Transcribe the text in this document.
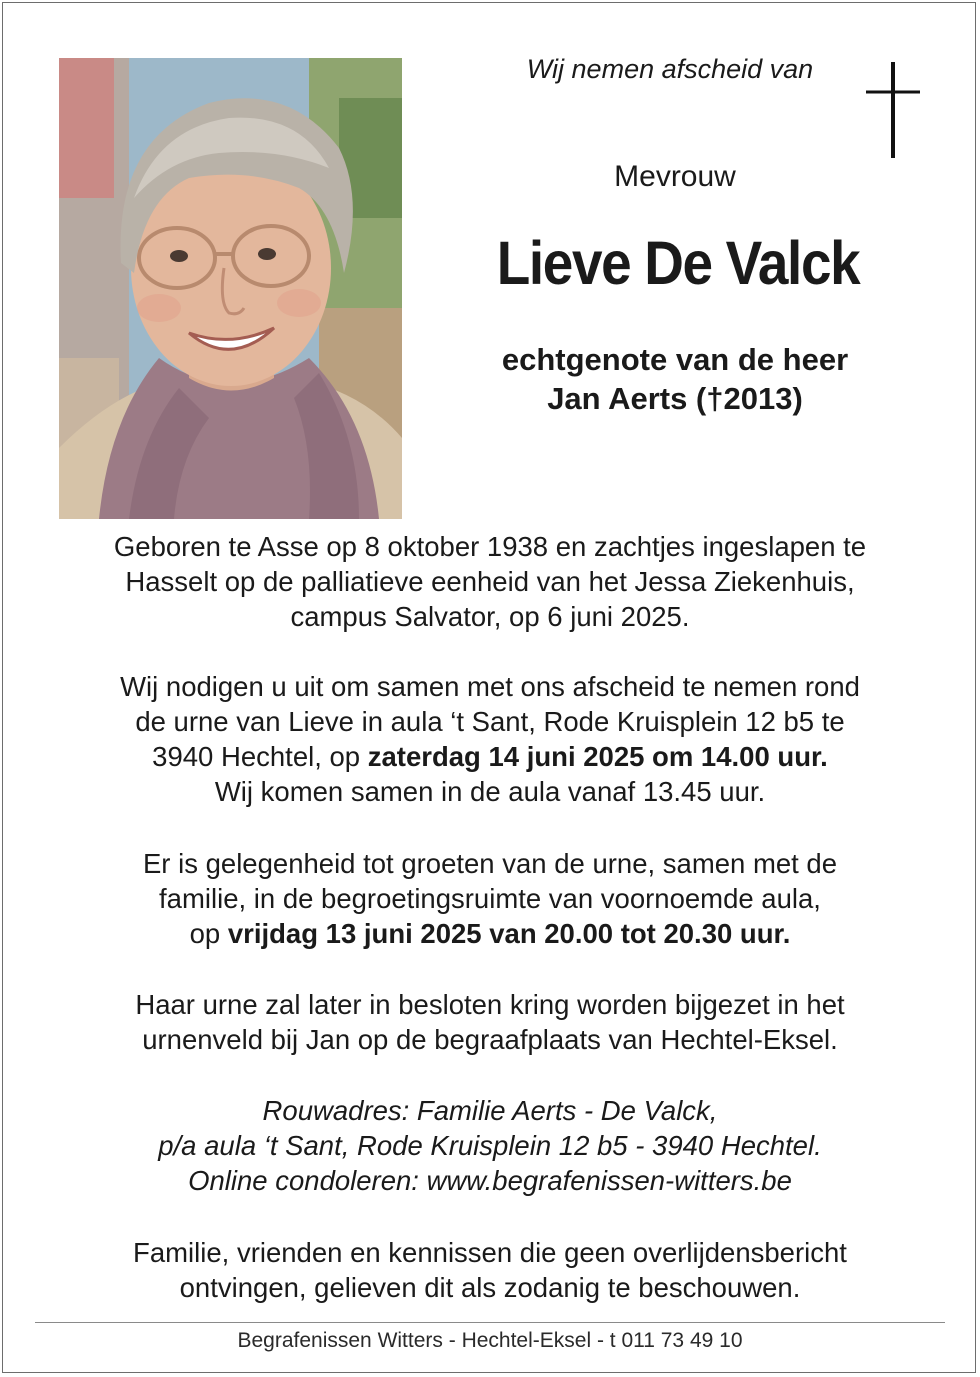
Wij nemen afscheid van
Mevrouw
Lieve De Valck
echtgenote van de heer
Jan Aerts (†2013)
Geboren te Asse op 8 oktober 1938 en zachtjes ingeslapen te
Hasselt op de palliatieve eenheid van het Jessa Ziekenhuis,
campus Salvator, op 6 juni 2025.
Wij nodigen u uit om samen met ons afscheid te nemen rond
de urne van Lieve in aula ‘t Sant, Rode Kruisplein 12 b5 te
3940 Hechtel, op zaterdag 14 juni 2025 om 14.00 uur.
Wij komen samen in de aula vanaf 13.45 uur.
Er is gelegenheid tot groeten van de urne, samen met de
familie, in de begroetingsruimte van voornoemde aula,
op vrijdag 13 juni 2025 van 20.00 tot 20.30 uur.
Haar urne zal later in besloten kring worden bijgezet in het
urnenveld bij Jan op de begraafplaats van Hechtel-Eksel.
Rouwadres: Familie Aerts - De Valck,
p/a aula ‘t Sant, Rode Kruisplein 12 b5 - 3940 Hechtel.
Online condoleren: www.begrafenissen-witters.be
Familie, vrienden en kennissen die geen overlijdensbericht
ontvingen, gelieven dit als zodanig te beschouwen.
Begrafenissen Witters - Hechtel-Eksel - t 011 73 49 10
